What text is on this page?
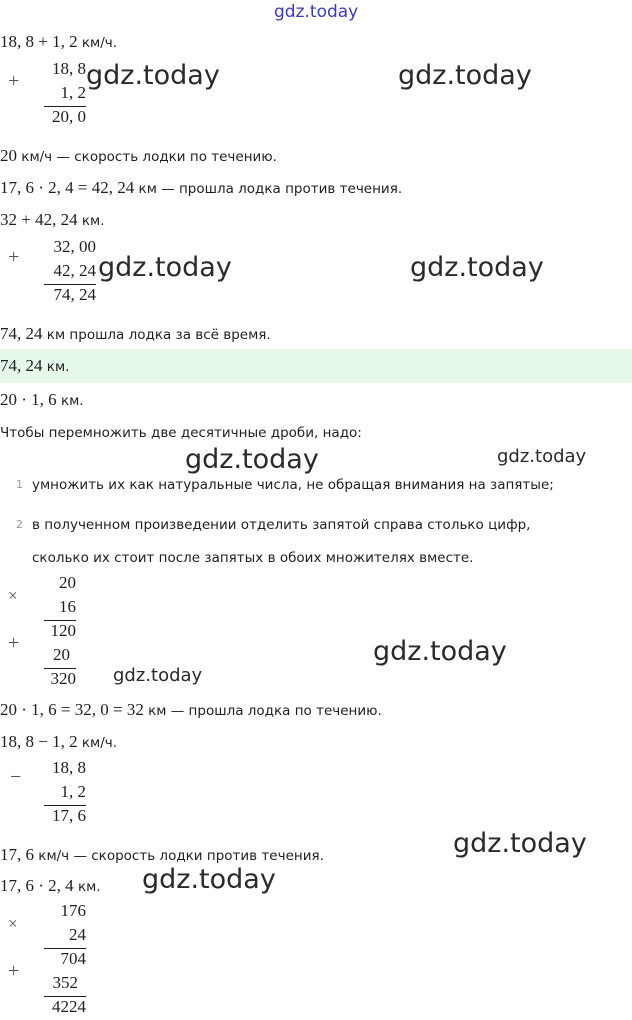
gdz.today
18, 8 + 1, 2 км/ч.
+
18, 8
1, 2
20, 0
gdz.today	gdz.today
20 км/ч — скорость лодки по течению.
17, 6 · 2, 4 = 42, 24 км — прошла лодка против течения.
32 + 42, 24 км.
+	32, 00
42, 24
74, 24
gdz.today	gdz.today
74, 24 км прошла лодка за всё время.
74, 24 км.
20 · 1, 6 км.
Чтобы перемножить две десятичные дроби, надо:
gdz.today	gdz.today
1 умножить их как натуральные числа, не обращая внимания на запятые;
2 в полученном произведении отделить запятой справа столько цифр,
сколько их стоит после запятых в обоих множителях вместе.
×
20
16
120
+
20
320
gdz.today
gdz.today
20 · 1, 6 = 32, 0 = 32 км — прошла лодка по течению.
18, 8 − 1, 2 км/ч.
−	18, 8
1, 2
17, 6
17, 6 км/ч — скорость лодки против течения.	gdz.today
17, 6 · 2, 4 км. gdz.today
×
176
24
704
+
352
4224
